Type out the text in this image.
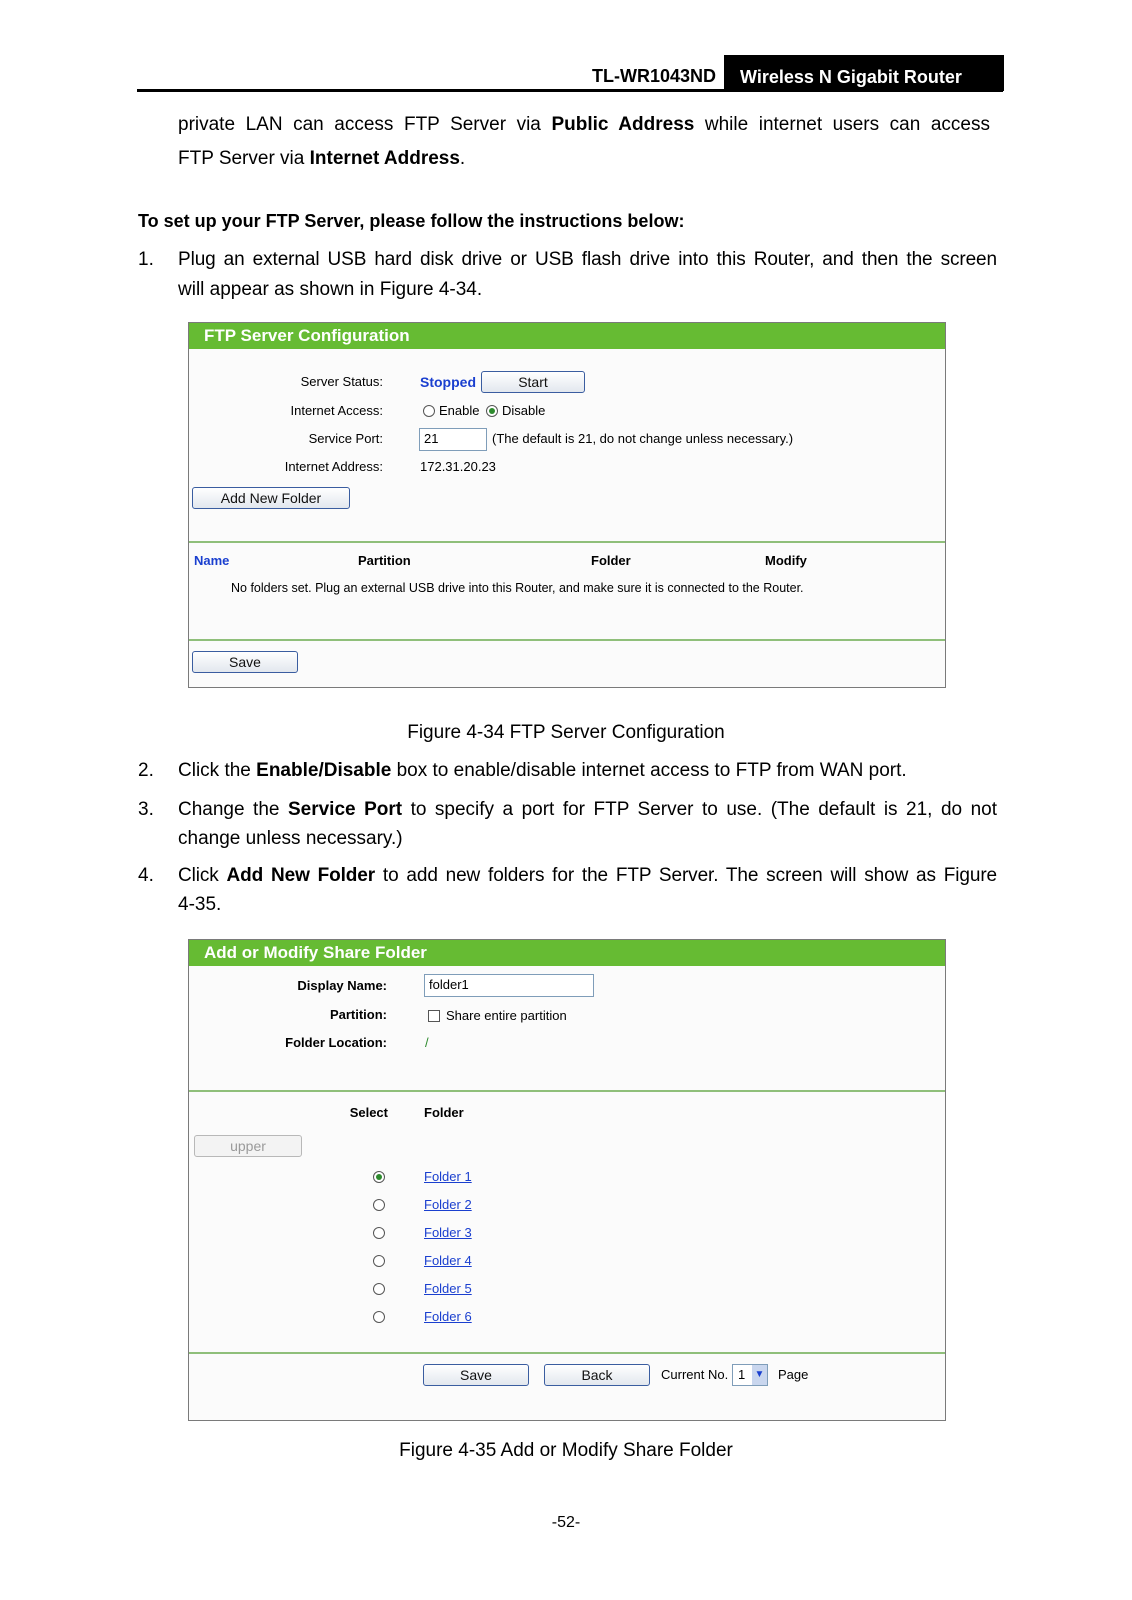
TL-WR1043ND	Wireless N Gigabit Router
private LAN can access FTP Server via Public Address while internet users can access
FTP Server via Internet Address.
To set up your FTP Server, please follow the instructions below:
1.	Plug an external USB hard disk drive or USB flash drive into this Router, and then the screen
will appear as shown in Figure 4-34.
FTP Server Configuration
Server Status:	Stopped	Start
Internet Access:	Enable Disable
Service Port:	21	(The default is 21, do not change unless necessary.)
Internet Address:	172.31.20.23
Add New Folder
Name	Partition	Folder	Modify
No folders set. Plug an external USB drive into this Router, and make sure it is connected to the Router.
Save
Figure 4-34 FTP Server Configuration
2.	Click the Enable/Disable box to enable/disable internet access to FTP from WAN port.
3.	Change the Service Port to specify a port for FTP Server to use. (The default is 21, do not
change unless necessary.)
4.	Click Add New Folder to add new folders for the FTP Server. The screen will show as Figure
4-35.
Add or Modify Share Folder
Display Name:	folder1
Partition:	Share entire partition
Folder Location:	/
Select	Folder
upper
Folder 1
Folder 2
Folder 3
Folder 4
Folder 5
Folder 6
Save	Back	Current No. 1 ▼ Page
Figure 4-35 Add or Modify Share Folder
-52-
